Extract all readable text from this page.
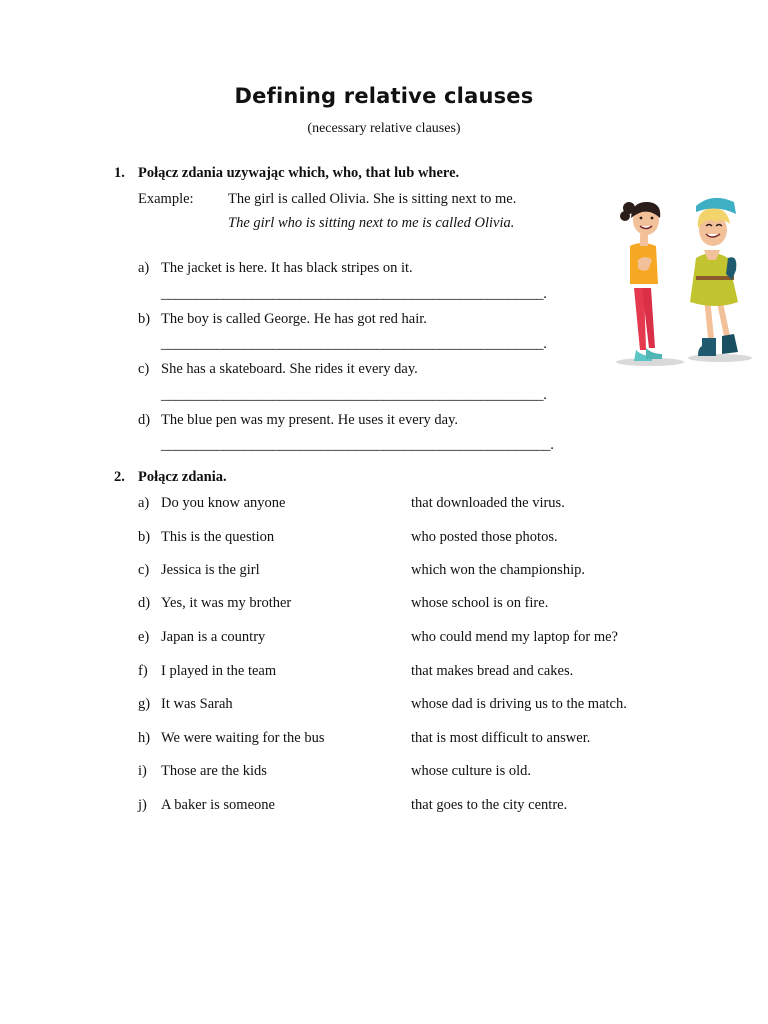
Defining relative clauses
(necessary relative clauses)
1. Połącz zdania uzywając which, who, that lub where.
Example: The girl is called Olivia. She is sitting next to me.
The girl who is sitting next to me is called Olivia.
a) The jacket is here. It has black stripes on it.
_______________________________________________________.
b) The boy is called George. He has got red hair.
_______________________________________________________.
c) She has a skateboard. She rides it every day.
_______________________________________________________.
d) The blue pen was my present. He uses it every day.
________________________________________________________.
2. Połącz zdania.
a) Do you know anyone	that downloaded the virus.
b) This is the question	who posted those photos.
c) Jessica is the girl	which won the championship.
d) Yes, it was my brother	whose school is on fire.
e) Japan is a country	who could mend my laptop for me?
f) I played in the team	that makes bread and cakes.
g) It was Sarah	whose dad is driving us to the match.
h) We were waiting for the bus	that is most difficult to answer.
i) Those are the kids	whose culture is old.
j) A baker is someone	that goes to the city centre.
